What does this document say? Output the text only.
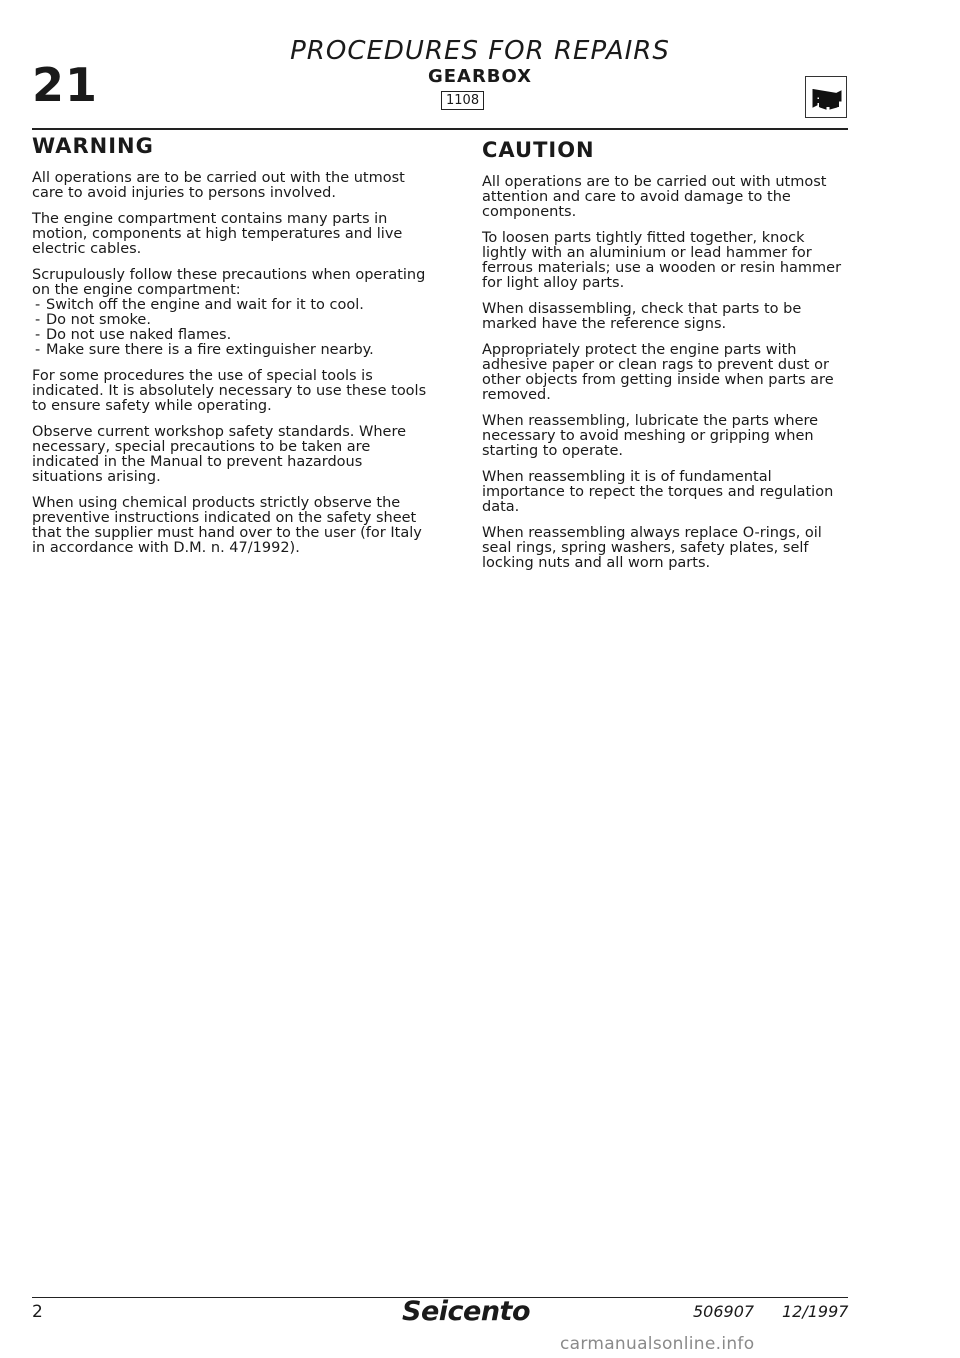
21
PROCEDURES FOR REPAIRS
GEARBOX
1108
WARNING

All operations are to be carried out with the utmost care to avoid injuries to persons involved.

The engine compartment contains many parts in motion, components at high temperatures and live electric cables.

Scrupulously follow these precautions when operating on the engine compartment:

- Switch off the engine and wait for it to cool.
- Do not smoke.
- Do not use naked flames.
- Make sure there is a fire extinguisher nearby.

For some procedures the use of special tools is indicated. It is absolutely necessary to use these tools to ensure safety while operating.

Observe current workshop safety standards. Where necessary, special precautions to be taken are indicated in the Manual to prevent hazardous situations arising.

When using chemical products strictly observe the preventive instructions indicated on the safety sheet that the supplier must hand over to the user (for Italy in accordance with D.M. n. 47/1992).

CAUTION

All operations are to be carried out with utmost attention and care to avoid damage to the components.

To loosen parts tightly fitted together, knock lightly with an aluminium or lead hammer for ferrous materials; use a wooden or resin hammer for light alloy parts.

When disassembling, check that parts to be marked have the reference signs.

Appropriately protect the engine parts with adhesive paper or clean rags to prevent dust or other objects from getting inside when parts are removed.

When reassembling, lubricate the parts where necessary to avoid meshing or gripping when starting to operate.

When reassembling it is of fundamental importance to repect the torques and regulation data.

When reassembling always replace O-rings, oil seal rings, spring washers, safety plates, self locking nuts and all worn parts.

2	Seicento	506907 12/1997
carmanualsonline.info
